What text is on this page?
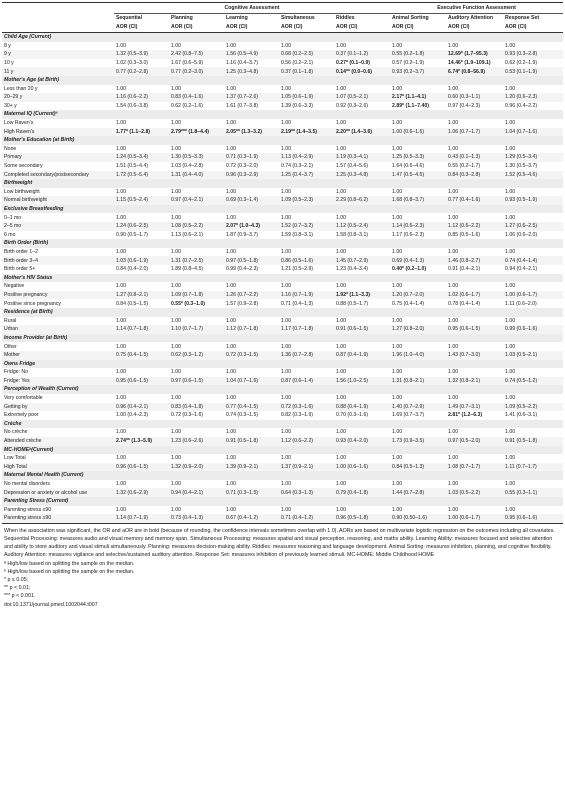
	Cognitive Assessment					Executive Function Assessment		
	Sequential	Planning	Learning	Simultaneous	Riddles	Animal Sorting	Auditory Attention	Response Set
	AOR (CI)	AOR (CI)	AOR (CI)	AOR (CI)	AOR (CI)	AOR (CI)	AOR (CI)	AOR (CI)
Child Age (Current)								
8 y	1.00	1.00	1.00	1.00	1.00	1.00	1.00	1.00
9 y	1.32 (0.5–3.9)	2.42 (0.8–7.5)	1.56 (0.5–4.9)	0.68 (0.2–2.5)	0.37 (0.1–1.2)	0.55 (0.2–1.8)	12.69* (1.7–95.3)	0.93 (0.3–2.8)
10 y	1.02 (0.3–3.0)	1.67 (0.6–5.9)	1.16 (0.4–3.7)	0.56 (0.2–2.1)	0.27* (0.1–0.9)	0.57 (0.2–1.9)	14.46* (1.9–109.1)	0.62 (0.2–1.9)
11 y	0.77 (0.2–2.8)	0.77 (0.2–3.0)	1.25 (0.3–4.8)	0.37 (0.1–1.8)	0.14** (0.0–0.6)	0.93 (0.2–3.7)	6.74* (0.8–56.9)	0.53 (0.1–1.9)
Mother's Age (at Birth)								
Less than 20 y	1.00	1.00	1.00	1.00	1.00	1.00	1.00	1.00
20–29 y	1.16 (0.6–2.2)	0.83 (0.4–1.6)	1.37 (0.7–2.6)	1.05 (0.6–1.9)	1.07 (0.5–2.1)	2.17* (1.1–4.1)	0.60 (0.3–1.1)	1.20 (0.6–2.3)
30+ y	1.54 (0.6–3.8)	0.62 (0.2–1.6)	1.61 (0.7–3.8)	1.39 (0.6–3.3)	0.92 (0.3–2.6)	2.89* (1.1–7.40)	0.97 (0.4–2.3)	0.96 (0.4–2.2)
Maternal IQ (Current)ª								
Low Raven's	1.00	1.00	1.00	1.00	1.00	1.00	1.00	1.00
High Raven's	1.77* (1.1–2.8)	2.79*** (1.8–4.4)	2.05** (1.3–3.2)	2.19** (1.4–3.5)	2.20** (1.4–3.6)	1.00 (0.6–1.6)	1.06 (0.7–1.7)	1.04 (0.7–1.6)
Mother's Education (at Birth)								
None	1.00	1.00	1.00	1.00	1.00	1.00	1.00	1.00
Primary	1.24 (0.5–3.4)	1.30 (0.5–3.3)	0.71 (0.3–1.9)	1.13 (0.4–2.9)	1.19 (0.3–4.1)	1.25 (0.5–3.3)	0.43 (0.1–1.3)	1.29 (0.5–3.4)
Some secondary	1.51 (0.5–4.4)	1.03 (0.4–2.8)	0.72 (0.3–2.0)	0.74 (0.3–2.1)	1.57 (0.4–5.6)	1.64 (0.6–4.6)	0.55 (0.2–1.7)	1.30 (0.5–3.7)
Completed secondary/postsecondary	1.72 (0.5–5.4)	1.31 (0.4–4.0)	0.96 (0.3–2.9)	1.25 (0.4–3.7)	1.25 (0.3–4.8)	1.47 (0.5–4.5)	0.84 (0.3–2.8)	1.52 (0.5–4.6)
Birthweight								
Low birthweight	1.00	1.00	1.00	1.00	1.00	1.00	1.00	1.00
Normal birthweight	1.15 (0.5–2.4)	0.97 (0.4–2.1)	0.69 (0.3–1.4)	1.09 (0.5–2.3)	2.29 (0.8–6.2)	1.68 (0.8–3.7)	0.77 (0.4–1.6)	0.93 (0.5–1.9)
Exclusive Breastfeeding								
0–1 mo	1.00	1.00	1.00	1.00	1.00	1.00	1.00	1.00
2–5 mo	1.24 (0.6–2.5)	1.08 (0.5–2.2)	2.07* (1.0–4.3)	1.52 (0.7–3.2)	1.12 (0.5–2.4)	1.14 (0.6–2.3)	1.12 (0.6–2.2)	1.27 (0.6–2.5)
6 mo	0.90 (0.5–1.7)	1.13 (0.6–2.1)	1.87 (0.9–3.7)	1.59 (0.8–3.1)	1.58 (0.8–3.1)	1.17 (0.6–2.3)	0.85 (0.5–1.6)	1.06 (0.6–2.0)
Birth Order (Birth)								
Birth order 1–2	1.00	1.00	1.00	1.00	1.00	1.00	1.00	1.00
Birth order 3–4	1.03 (0.6–1.9)	1.31 (0.7–2.5)	0.97 (0.5–1.8)	0.86 (0.5–1.6)	1.45 (0.7–2.9)	0.69 (0.4–1.3)	1.46 (0.8–2.7)	0.74 (0.4–1.4)
Birth order 5+	0.84 (0.4–2.0)	1.89 (0.8–4.5)	0.99 (0.4–2.3)	1.21 (0.5–2.9)	1.23 (0.4–3.4)	0.40* (0.2–1.0)	0.91 (0.4–2.1)	0.94 (0.4–2.1)
Mother's HIV Status								
Negative	1.00	1.00	1.00	1.00	1.00	1.00	1.00	1.00
Positive pregnancy	1.27 (0.8–2.1)	1.09 (0.7–1.8)	1.26 (0.7–2.2)	1.16 (0.7–1.9)	1.92* (1.1–3.3)	1.20 (0.7–2.0)	1.02 (0.6–1.7)	1.00 (0.6–1.7)
Positive since pregnancy	0.84 (0.5–1.5)	0.55* (0.3–1.0)	1.57 (0.9–2.8)	0.71 (0.4–1.3)	0.88 (0.5–1.7)	0.75 (0.4–1.4)	0.78 (0.4–1.4)	1.11 (0.6–2.0)
Residence (at Birth)								
Rural	1.00	1.00	1.00	1.00	1.00	1.00	1.00	1.00
Urban	1.14 (0.7–1.8)	1.10 (0.7–1.7)	1.12 (0.7–1.8)	1.17 (0.7–1.8)	0.91 (0.6–1.5)	1.27 (0.8–2.0)	0.95 (0.6–1.5)	0.99 (0.6–1.6)
Income Provider (at Birth)								
Other	1.00	1.00	1.00	1.00	1.00	1.00	1.00	1.00
Mother	0.75 (0.4–1.5)	0.62 (0.3–1.2)	0.72 (0.3–1.5)	1.36 (0.7–2.8)	0.87 (0.4–1.9)	1.96 (1.0–4.0)	1.43 (0.7–3.0)	1.03 (0.5–2.1)
Owns Fridge								
Fridge: No	1.00	1.00	1.00	1.00	1.00	1.00	1.00	1.00
Fridge: Yes	0.95 (0.6–1.5)	0.97 (0.6–1.5)	1.04 (0.7–1.6)	0.87 (0.6–1.4)	1.56 (1.0–2.5)	1.31 (0.8–2.1)	1.32 (0.8–2.1)	0.74 (0.5–1.2)
Perception of Wealth (Current)								
Very comfortable	1.00	1.00	1.00	1.00	1.00	1.00	1.00	1.00
Getting by	0.96 (0.4–2.1)	0.83 (0.4–1.8)	0.77 (0.4–1.5)	0.72 (0.3–1.6)	0.88 (0.4–1.9)	1.40 (0.7–2.9)	1.49 (0.7–3.1)	1.09 (0.5–2.2)
Extremely poor	1.00 (0.4–2.3)	0.72 (0.3–1.6)	0.74 (0.3–1.5)	0.82 (0.3–1.9)	0.70 (0.3–1.6)	1.69 (0.7–3.7)	2.81* (1.2–6.3)	1.41 (0.6–3.1)
Crèche								
No crèche	1.00	1.00	1.00	1.00	1.00	1.00	1.00	1.00
Attended crèche	2.74** (1.3–5.9)	1.23 (0.6–2.6)	0.91 (0.5–1.8)	1.12 (0.6–2.2)	0.93 (0.4–2.0)	1.73 (0.9–3.5)	0.97 (0.5–2.0)	0.91 (0.5–1.8)
MC-HOMEᵇ(Current)								
Low Total	1.00	1.00	1.00	1.00	1.00	1.00	1.00	1.00
High Total	0.96 (0.6–1.5)	1.32 (0.9–2.0)	1.39 (0.9–2.1)	1.37 (0.9–2.1)	1.00 (0.6–1.6)	0.84 (0.5–1.3)	1.08 (0.7–1.7)	1.11 (0.7–1.7)
Maternal Mental Health (Current)								
No mental disorders	1.00	1.00	1.00	1.00	1.00	1.00	1.00	1.00
Depression or anxiety or alcohol use	1.32 (0.6–2.9)	0.94 (0.4–2.1)	0.71 (0.3–1.5)	0.64 (0.3–1.3)	0.79 (0.4–1.8)	1.44 (0.7–2.8)	1.03 (0.5–2.2)	0.55 (0.3–1.1)
Parenting Stress (Current)								
Parenting stress ≤90	1.00	1.00	1.00	1.00	1.00	1.00	1.00	1.00
Parenting stress ≥90	1.14 (0.7–1.9)	0.73 (0.4–1.3)	0.67 (0.4–1.2)	0.71 (0.4–1.2)	0.96 (0.5–1.8)	0.90 (0.50–1.6)	1.00 (0.6–1.7)	0.95 (0.6–1.6)

When the association was significant, the OR and aOR are in bold (because of rounding, the confidence intervals sometimes overlap with 1.0). AORs are based on multivariate logistic regression on the outcomes including all covariates. Sequential Processing: measures audio and visual memory and memory span. Simultaneous Processing: measures spatial and visual perception, reasoning, and maths ability. Learning Ability: measures focused and selective attention and ability to store auditory and visual stimuli simultaneously. Planning: measures decision-making ability. Riddles: measures reasoning and language development. Animal Sorting: measures inhibition, planning, and cognitive flexibility. Auditory Attention: measures vigilance and selective/sustained auditory attention. Response Set: measures inhibition of previously learned stimuli. MC-HOME: Middle Childhood HOME

ª High/low based on splitting the sample on the median.

ᵇ High/low based on splitting the sample on the median.

* p ≤ 0.05;

** p < 0.01;

*** p < 0.001.

doi:10.1371/journal.pmed.1002044.t007
